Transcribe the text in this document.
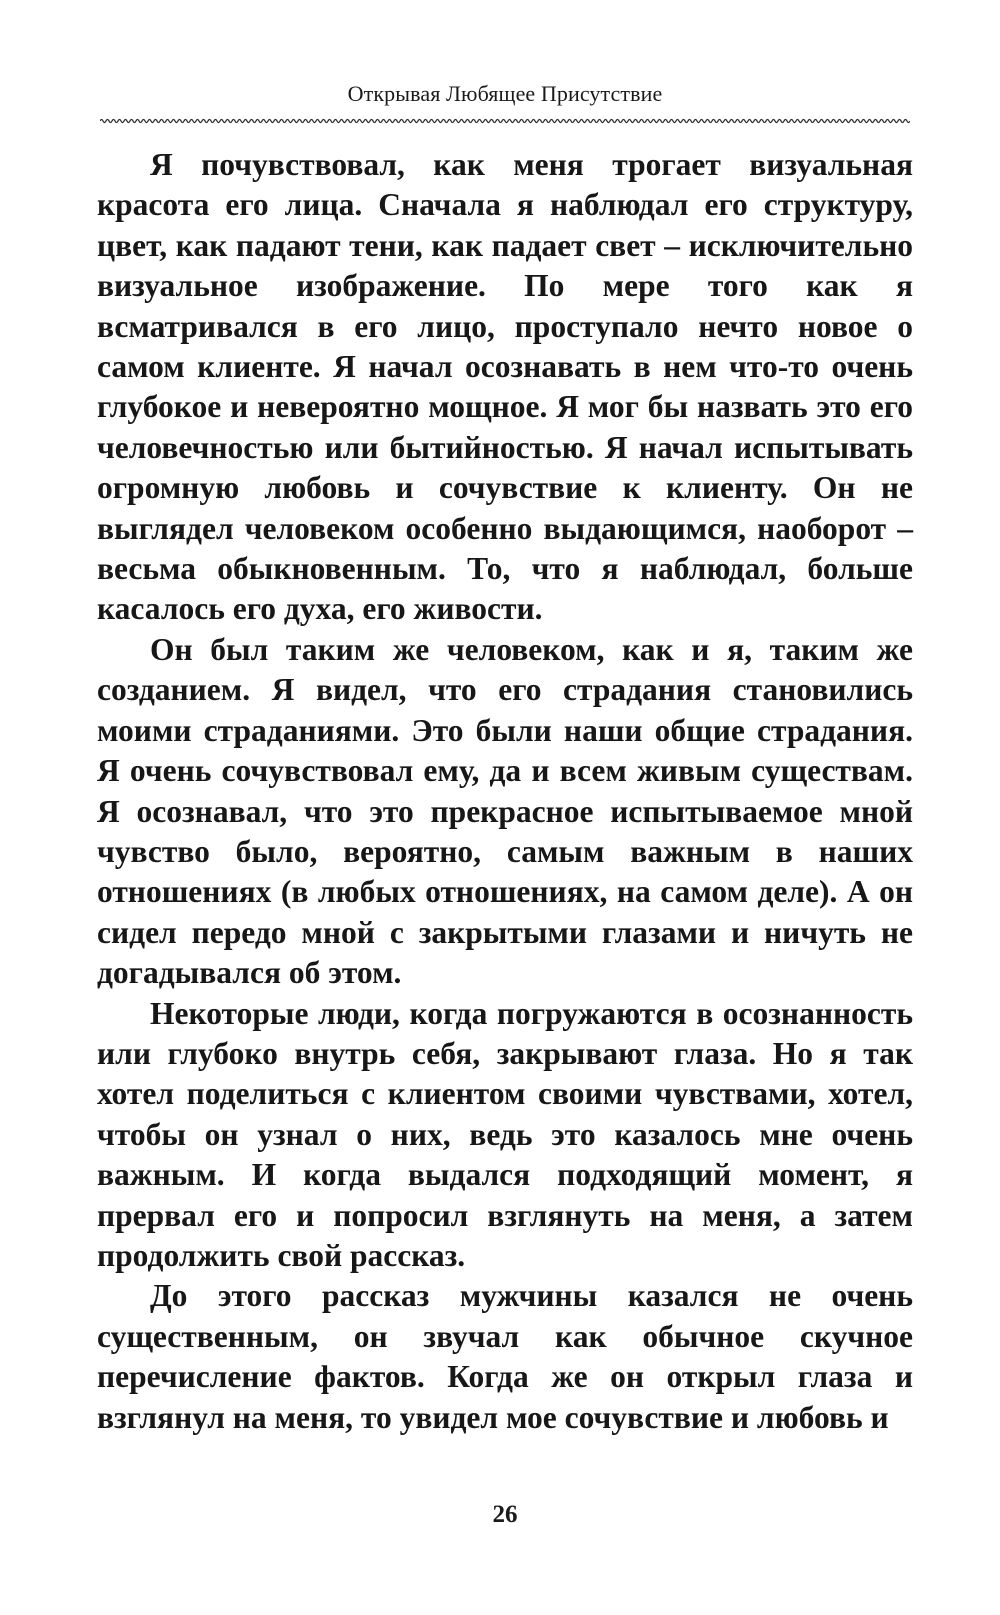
Открывая Любящее Присутствие

Я почувствовал, как меня трогает визуальная красота его лица. Сначала я наблюдал его структуру, цвет, как падают тени, как падает свет – исключительно визуальное изображение. По мере того как я всматривался в его лицо, проступало нечто новое о самом клиенте. Я начал осознавать в нем что-то очень глубокое и невероятно мощное. Я мог бы назвать это его человечностью или бытийностью. Я начал испытывать огромную любовь и сочувствие к клиенту. Он не выглядел человеком особенно выдающимся, наоборот – весьма обыкновенным. То, что я наблюдал, больше касалось его духа, его живости.

Он был таким же человеком, как и я, таким же созданием. Я видел, что его страдания становились моими страданиями. Это были наши общие страдания. Я очень сочувствовал ему, да и всем живым существам. Я осознавал, что это прекрасное испытываемое мной чувство было, вероятно, самым важным в наших отношениях (в любых отношениях, на самом деле). А он сидел передо мной с закрытыми глазами и ничуть не догадывался об этом.

Некоторые люди, когда погружаются в осознанность или глубоко внутрь себя, закрывают глаза. Но я так хотел поделиться с клиентом своими чувствами, хотел, чтобы он узнал о них, ведь это казалось мне очень важным. И когда выдался подходящий момент, я прервал его и попросил взглянуть на меня, а затем продолжить свой рассказ.

До этого рассказ мужчины казался не очень существенным, он звучал как обычное скучное перечисление фактов. Когда же он открыл глаза и взглянул на меня, то увидел мое сочувствие и любовь и

26
